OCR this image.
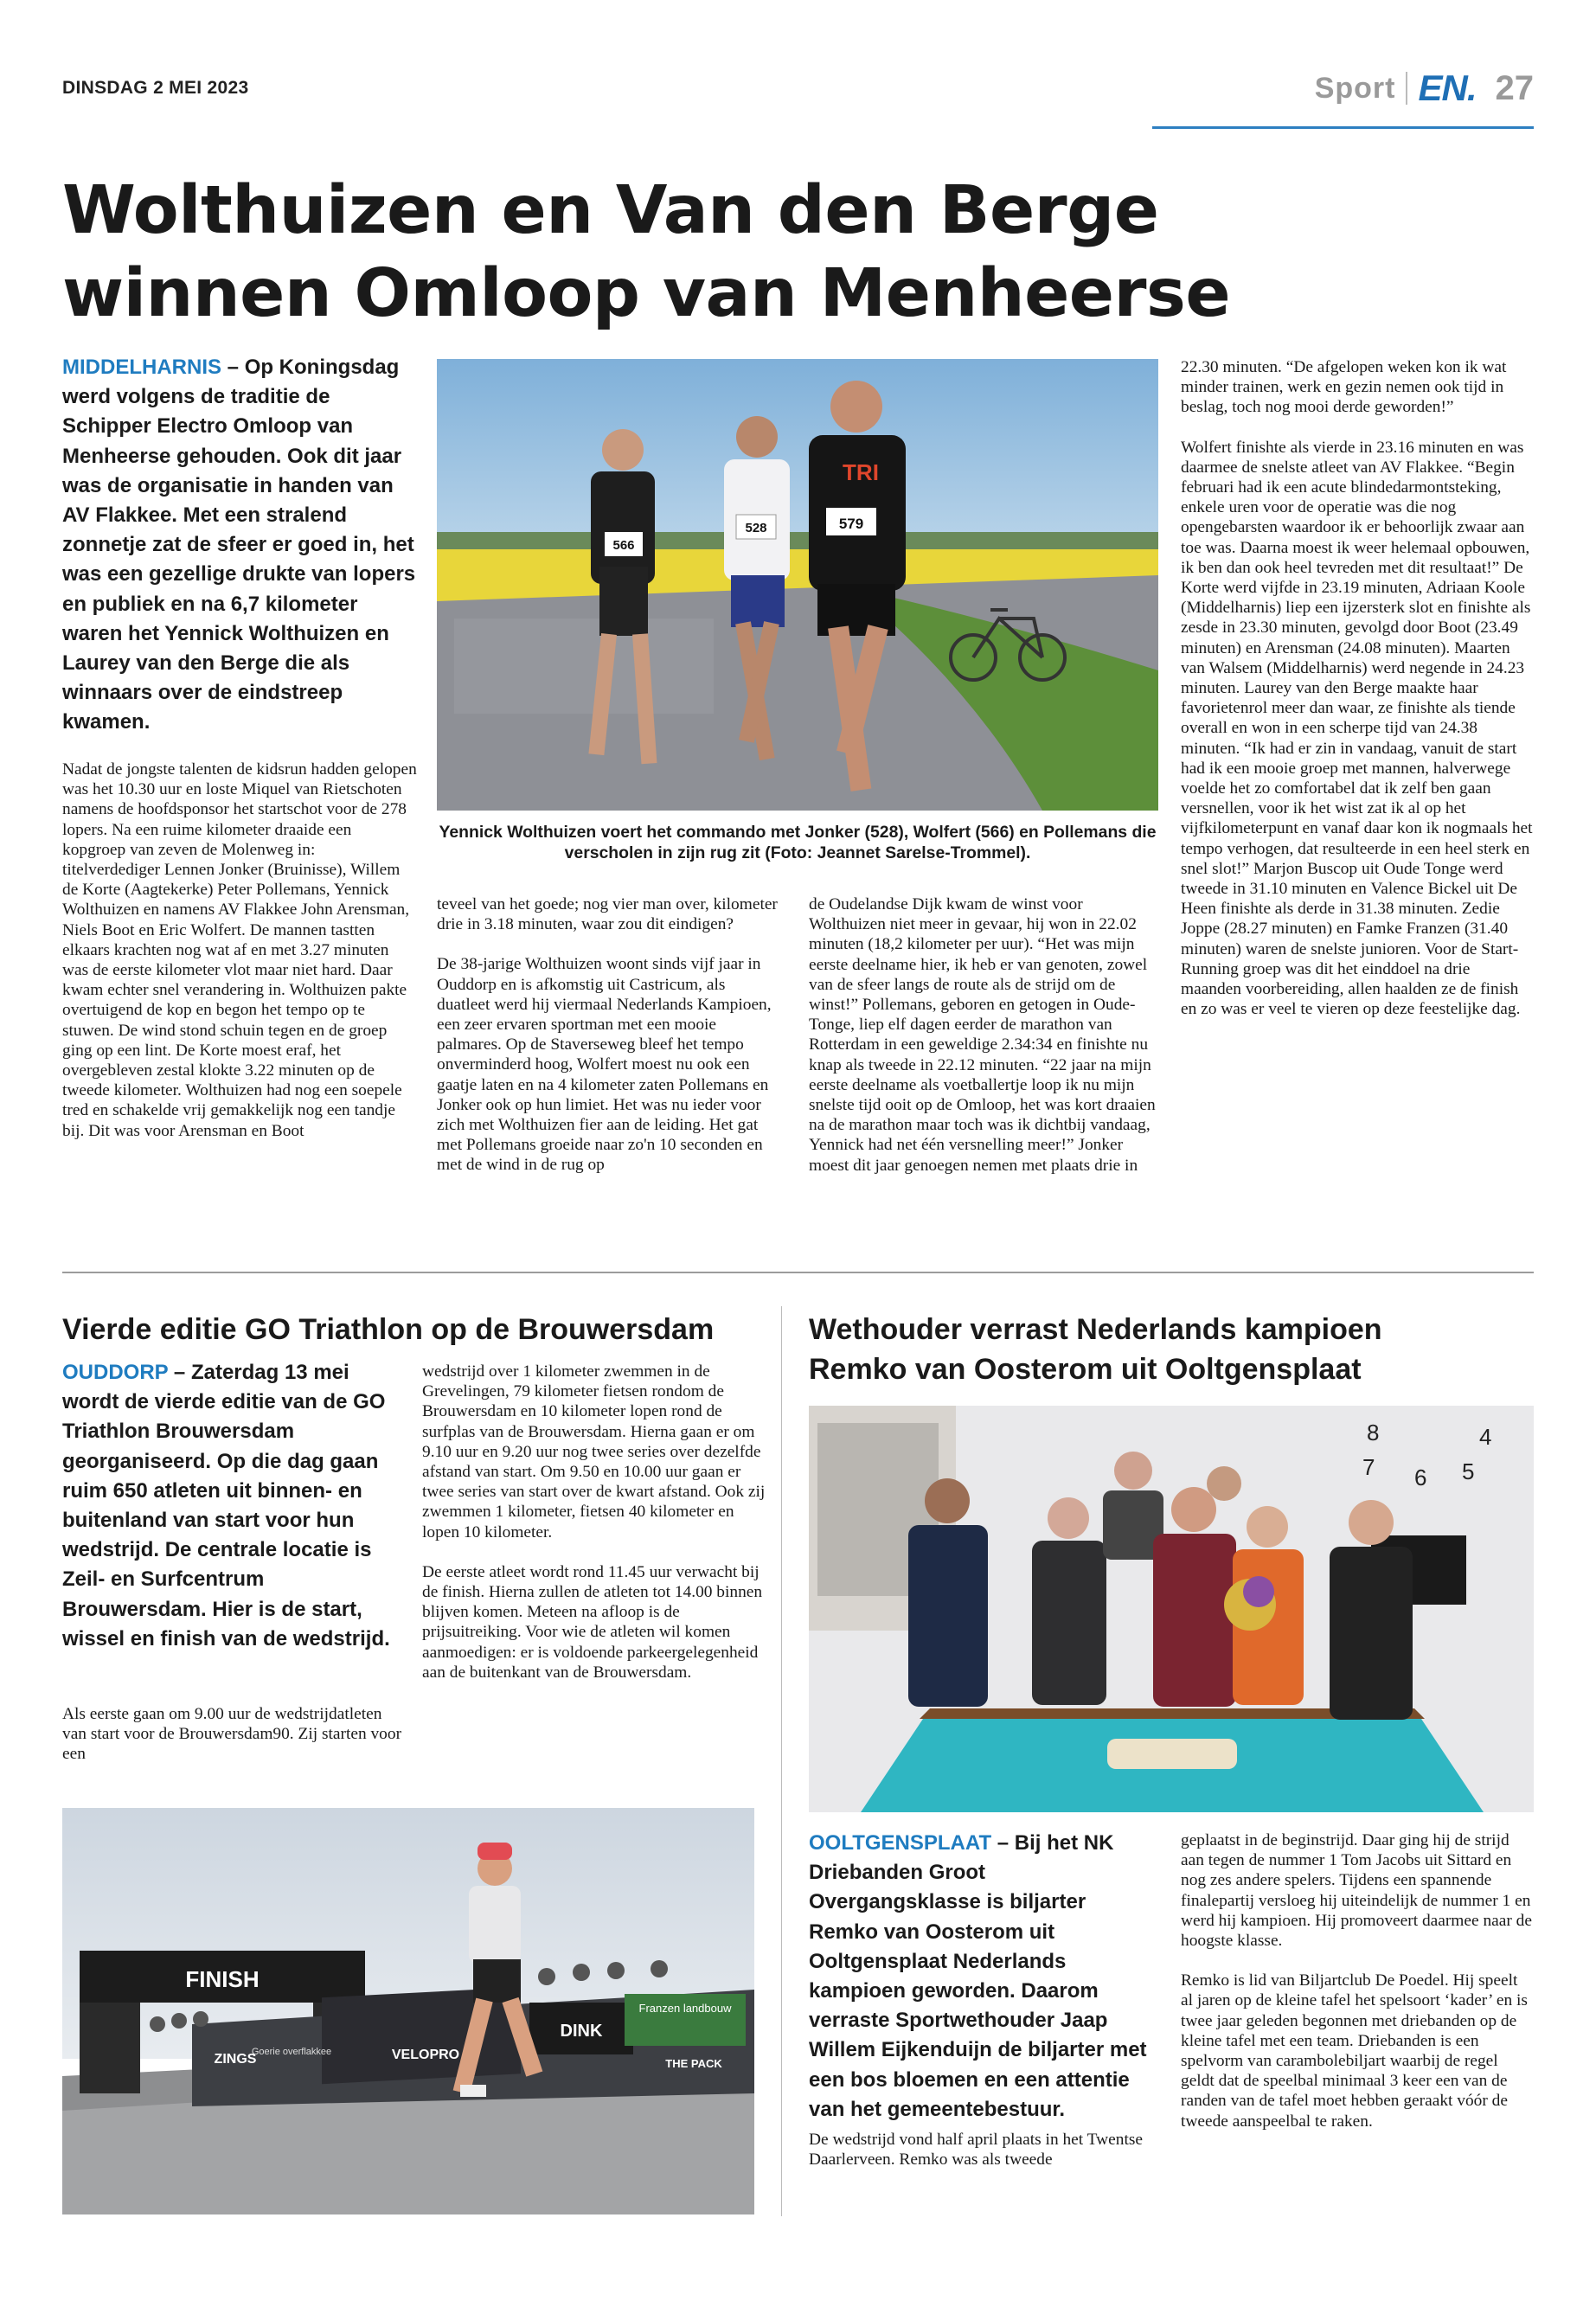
DINSDAG 2 MEI 2023	Sport EN. 27
Wolthuizen en Van den Berge
winnen Omloop van Menheerse
MIDDELHARNIS – Op Koningsdag werd volgens de traditie de Schipper Electro Omloop van Menheerse gehouden. Ook dit jaar was de organisatie in handen van AV Flakkee. Met een stralend zonnetje zat de sfeer er goed in, het was een gezellige drukte van lopers en publiek en na 6,7 kilometer waren het Yennick Wolthuizen en Laurey van den Berge die als winnaars over de eindstreep kwamen.

Nadat de jongste talenten de kidsrun hadden gelopen was het 10.30 uur en loste Miquel van Rietschoten namens de hoofdsponsor het startschot voor de 278 lopers. Na een ruime kilometer draaide een kopgroep van zeven de Molenweg in: titelverdediger Lennen Jonker (Bruinisse), Willem de Korte (Aagtekerke) Peter Pollemans, Yennick Wolthuizen en namens AV Flakkee John Arensman, Niels Boot en Eric Wolfert. De mannen tastten elkaars krachten nog wat af en met 3.27 minuten was de eerste kilometer vlot maar niet hard. Daar kwam echter snel verandering in. Wolthuizen pakte overtuigend de kop en begon het tempo op te stuwen. De wind stond schuin tegen en de groep ging op een lint. De Korte moest eraf, het overgebleven zestal klokte 3.22 minuten op de tweede kilometer. Wolthuizen had nog een soepele tred en schakelde vrij gemakkelijk nog een tandje bij. Dit was voor Arensman en Boot

566
528	579
TRI
Yennick Wolthuizen voert het commando met Jonker (528), Wolfert (566) en Pollemans die verscholen in zijn rug zit (Foto: Jeannet Sarelse-Trommel).

teveel van het goede; nog vier man over, kilometer drie in 3.18 minuten, waar zou dit eindigen?

De 38-jarige Wolthuizen woont sinds vijf jaar in Ouddorp en is afkomstig uit Castricum, als duatleet werd hij viermaal Nederlands Kampioen, een zeer ervaren sportman met een mooie palmares. Op de Staverseweg bleef het tempo onverminderd hoog, Wolfert moest nu ook een gaatje laten en na 4 kilometer zaten Pollemans en Jonker ook op hun limiet. Het was nu ieder voor zich met Wolthuizen fier aan de leiding. Het gat met Pollemans groeide naar zo'n 10 seconden en met de wind in de rug op

de Oudelandse Dijk kwam de winst voor Wolthuizen niet meer in gevaar, hij won in 22.02 minuten (18,2 kilometer per uur). “Het was mijn eerste deelname hier, ik heb er van genoten, zowel van de sfeer langs de route als de strijd om de winst!” Pollemans, geboren en getogen in Oude-Tonge, liep elf dagen eerder de marathon van Rotterdam in een geweldige 2.34:34 en finishte nu knap als tweede in 22.12 minuten. “22 jaar na mijn eerste deelname als voetballertje loop ik nu mijn snelste tijd ooit op de Omloop, het was kort draaien na de marathon maar toch was ik dichtbij vandaag, Yennick had net één versnelling meer!” Jonker moest dit jaar genoegen nemen met plaats drie in

22.30 minuten. “De afgelopen weken kon ik wat minder trainen, werk en gezin nemen ook tijd in beslag, toch nog mooi derde geworden!”

Wolfert finishte als vierde in 23.16 minuten en was daarmee de snelste atleet van AV Flakkee. “Begin februari had ik een acute blindedarmontsteking, enkele uren voor de operatie was die nog opengebarsten waardoor ik er behoorlijk zwaar aan toe was. Daarna moest ik weer helemaal opbouwen, ik ben dan ook heel tevreden met dit resultaat!” De Korte werd vijfde in 23.19 minuten, Adriaan Koole (Middelharnis) liep een ijzersterk slot en finishte als zesde in 23.30 minuten, gevolgd door Boot (23.49 minuten) en Arensman (24.08 minuten). Maarten van Walsem (Middelharnis) werd negende in 24.23 minuten. Laurey van den Berge maakte haar favorietenrol meer dan waar, ze finishte als tiende overall en won in een scherpe tijd van 24.38 minuten. “Ik had er zin in vandaag, vanuit de start had ik een mooie groep met mannen, halverwege voelde het zo comfortabel dat ik zelf ben gaan versnellen, voor ik het wist zat ik al op het vijfkilometerpunt en vanaf daar kon ik nogmaals het tempo verhogen, dat resulteerde in een heel sterk en snel slot!” Marjon Buscop uit Oude Tonge werd tweede in 31.10 minuten en Valence Bickel uit De Heen finishte als derde in 31.38 minuten. Zedie Joppe (28.27 minuten) en Famke Franzen (31.40 minuten) waren de snelste junioren. Voor de Start-Running groep was dit het einddoel na drie maanden voorbereiding, allen haalden ze de finish en zo was er veel te vieren op deze feestelijke dag.

Vierde editie GO Triathlon op de Brouwersdam
OUDDORP – Zaterdag 13 mei wordt de vierde editie van de GO Triathlon Brouwersdam georganiseerd. Op die dag gaan ruim 650 atleten uit binnen- en buitenland van start voor hun wedstrijd. De centrale locatie is Zeil- en Surfcentrum Brouwersdam. Hier is de start, wissel en finish van de wedstrijd.

Als eerste gaan om 9.00 uur de wedstrijdatleten van start voor de Brouwersdam90. Zij starten voor een

wedstrijd over 1 kilometer zwemmen in de Grevelingen, 79 kilometer fietsen rondom de Brouwersdam en 10 kilometer lopen rond de surfplas van de Brouwersdam. Hierna gaan er om 9.10 uur en 9.20 uur nog twee series over dezelfde afstand van start. Om 9.50 en 10.00 uur gaan er twee series van start over de kwart afstand. Ook zij zwemmen 1 kilometer, fietsen 40 kilometer en lopen 10 kilometer.

De eerste atleet wordt rond 11.45 uur verwacht bij de finish. Hierna zullen de atleten tot 14.00 binnen blijven komen. Meteen na afloop is de prijsuitreiking. Voor wie de atleten wil komen aanmoedigen: er is voldoende parkeergelegenheid aan de buitenkant van de Brouwersdam.

FINISH
DINK
Franzen landbouw
VELOPRO
THE PACK
ZINGS
Goerie overflakkee
Wethouder verrast Nederlands kampioen
Remko van Oosterom uit Ooltgensplaat
8	4
7 6 5
OOLTGENSPLAAT – Bij het NK Driebanden Groot Overgangsklasse is biljarter Remko van Oosterom uit Ooltgensplaat Nederlands kampioen geworden. Daarom verraste Sportwethouder Jaap Willem Eijkenduijn de biljarter met een bos bloemen en een attentie van het gemeentebestuur.

De wedstrijd vond half april plaats in het Twentse Daarlerveen. Remko was als tweede

geplaatst in de beginstrijd. Daar ging hij de strijd aan tegen de nummer 1 Tom Jacobs uit Sittard en nog zes andere spelers. Tijdens een spannende finalepartij versloeg hij uiteindelijk de nummer 1 en werd hij kampioen. Hij promoveert daarmee naar de hoogste klasse.

Remko is lid van Biljartclub De Poedel. Hij speelt al jaren op de kleine tafel het spelsoort ‘kader’ en is twee jaar geleden begonnen met driebanden op de kleine tafel met een team. Driebanden is een spelvorm van carambolebiljart waarbij de regel geldt dat de speelbal minimaal 3 keer een van de randen van de tafel moet hebben geraakt vóór de tweede aanspeelbal te raken.
